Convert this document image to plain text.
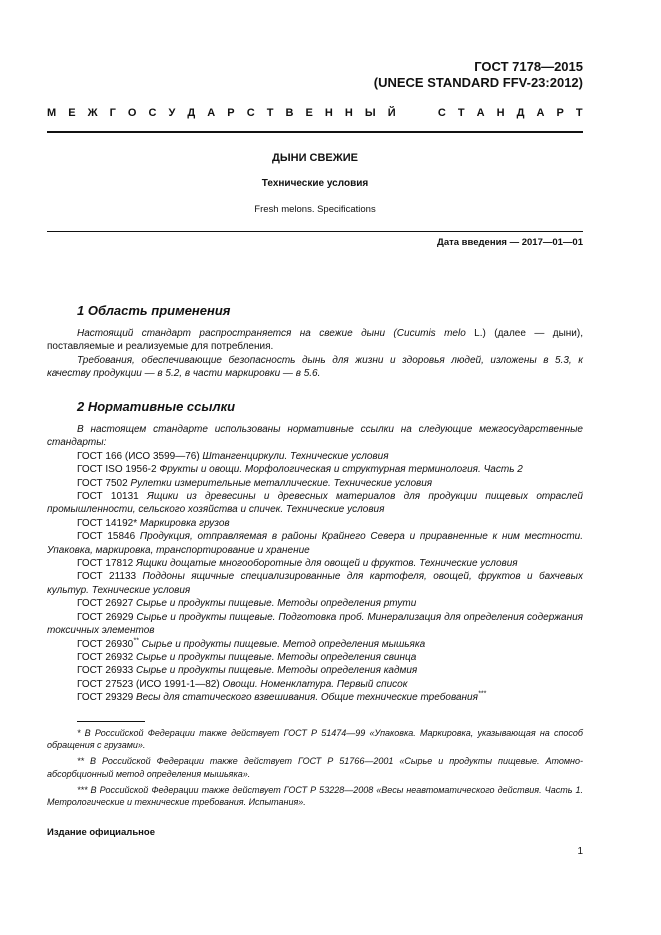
ГОСТ 7178—2015
(UNECE STANDARD FFV-23:2012)
М Е Ж Г О С У Д А Р С Т В Е Н Н Ы Й

	С Т А Н Д А Р Т
ДЫНИ СВЕЖИЕ
Технические условия
Fresh melons. Specifications
Дата введения — 2017—01—01
1 Область применения

Настоящий стандарт распространяется на свежие дыни (Cucumis melo L.) (далее — дыни), поставляемые и реализуемые для потребления.

Требования, обеспечивающие безопасность дынь для жизни и здоровья людей, изложены в 5.3, к качеству продукции — в 5.2, в части маркировки — в 5.6.

2 Нормативные ссылки

В настоящем стандарте использованы нормативные ссылки на следующие межгосударственные стандарты:

ГОСТ 166 (ИСО 3599—76) Штангенциркули. Технические условия

ГОСТ ISO 1956-2 Фрукты и овощи. Морфологическая и структурная терминология. Часть 2

ГОСТ 7502 Рулетки измерительные металлические. Технические условия

ГОСТ 10131 Ящики из древесины и древесных материалов для продукции пищевых отраслей промышленности, сельского хозяйства и спичек. Технические условия

ГОСТ 14192* Маркировка грузов

ГОСТ 15846 Продукция, отправляемая в районы Крайнего Севера и приравненные к ним местности. Упаковка, маркировка, транспортирование и хранение

ГОСТ 17812 Ящики дощатые многооборотные для овощей и фруктов. Технические условия

ГОСТ 21133 Поддоны ящичные специализированные для картофеля, овощей, фруктов и бахчевых культур. Технические условия

ГОСТ 26927 Сырье и продукты пищевые. Методы определения ртути

ГОСТ 26929 Сырье и продукты пищевые. Подготовка проб. Минерализация для определения содержания токсичных элементов

ГОСТ 26930** Сырье и продукты пищевые. Метод определения мышьяка

ГОСТ 26932 Сырье и продукты пищевые. Методы определения свинца

ГОСТ 26933 Сырье и продукты пищевые. Методы определения кадмия

ГОСТ 27523 (ИСО 1991-1—82) Овощи. Номенклатура. Первый список

ГОСТ 29329 Весы для статического взвешивания. Общие технические требования***

* В Российской Федерации также действует ГОСТ Р 51474—99 «Упаковка. Маркировка, указывающая на способ обращения с грузами».

** В Российской Федерации также действует ГОСТ Р 51766—2001 «Сырье и продукты пищевые. Атомно-абсорбционный метод определения мышьяка».

*** В Российской Федерации также действует ГОСТ Р 53228—2008 «Весы неавтоматического действия. Часть 1. Метрологические и технические требования. Испытания».

Издание официальное
1
